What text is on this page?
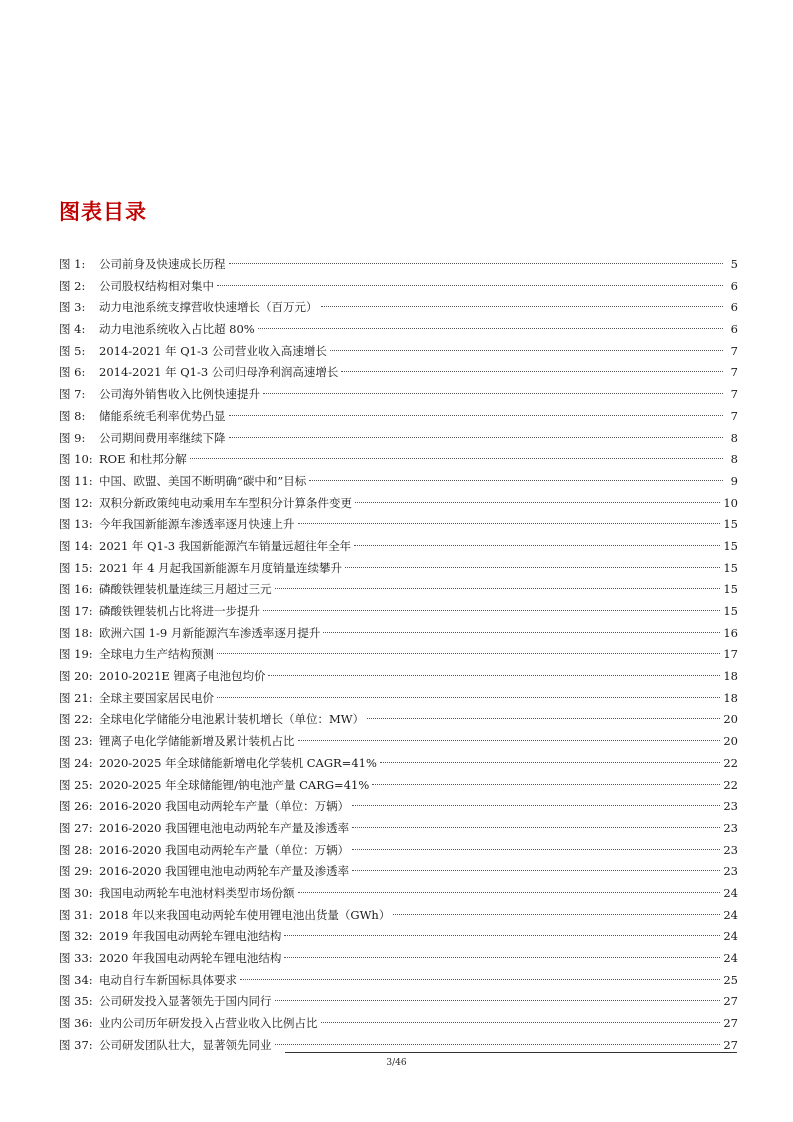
图表目录
图 1:	公司前身及快速成长历程	5
图 2:	公司股权结构相对集中	6
图 3:	动力电池系统支撑营收快速增长（百万元）	6
图 4:	动力电池系统收入占比超 80%	6
图 5:	2014-2021 年 Q1-3 公司营业收入高速增长	7
图 6:	2014-2021 年 Q1-3 公司归母净利润高速增长	7
图 7:	公司海外销售收入比例快速提升	7
图 8:	储能系统毛利率优势凸显	7
图 9:	公司期间费用率继续下降	8
图 10: ROE 和杜邦分解	8
图 11: 中国、欧盟、美国不断明确“碳中和”目标	9
图 12: 双积分新政策纯电动乘用车车型积分计算条件变更	10
图 13: 今年我国新能源车渗透率逐月快速上升	15
图 14: 2021 年 Q1-3 我国新能源汽车销量远超往年全年	15
图 15: 2021 年 4 月起我国新能源车月度销量连续攀升	15
图 16: 磷酸铁锂装机量连续三月超过三元	15
图 17: 磷酸铁锂装机占比将进一步提升	15
图 18: 欧洲六国 1-9 月新能源汽车渗透率逐月提升	16
图 19: 全球电力生产结构预测	17
图 20: 2010-2021E 锂离子电池包均价	18
图 21: 全球主要国家居民电价	18
图 22: 全球电化学储能分电池累计装机增长（单位：MW）	20
图 23: 锂离子电化学储能新增及累计装机占比	20
图 24: 2020-2025 年全球储能新增电化学装机 CAGR=41%	22
图 25: 2020-2025 年全球储能锂/钠电池产量 CARG=41%	22
图 26: 2016-2020 我国电动两轮车产量（单位：万辆）	23
图 27: 2016-2020 我国锂电池电动两轮车产量及渗透率	23
图 28: 2016-2020 我国电动两轮车产量（单位：万辆）	23
图 29: 2016-2020 我国锂电池电动两轮车产量及渗透率	23
图 30: 我国电动两轮车电池材料类型市场份额	24
图 31: 2018 年以来我国电动两轮车使用锂电池出货量（GWh）	24
图 32: 2019 年我国电动两轮车锂电池结构	24
图 33: 2020 年我国电动两轮车锂电池结构	24
图 34: 电动自行车新国标具体要求	25
图 35: 公司研发投入显著领先于国内同行	27
图 36: 业内公司历年研发投入占营业收入比例占比	27
图 37: 公司研发团队壮大，显著领先同业	27
3/46
